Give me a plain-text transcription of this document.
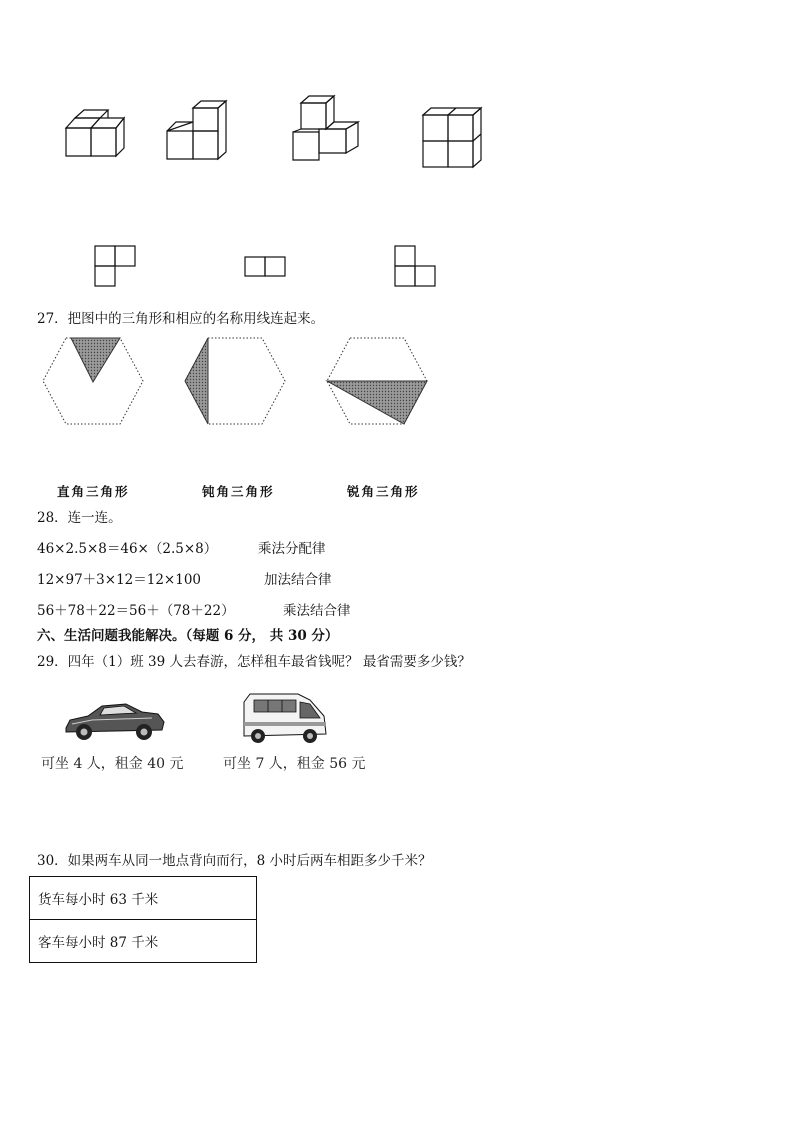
27．把图中的三角形和相应的名称用线连起来。
直角三角形	钝角三角形	锐角三角形
28．连一连。
46×2.5×8＝46×（2.5×8）
12×97＋3×12＝12×100
56＋78＋22＝56＋（78＋22）
乘法分配律
加法结合律
乘法结合律
六、生活问题我能解决。（每题 6 分， 共 30 分）
29．四年（1）班 39 人去春游，怎样租车最省钱呢？ 最省需要多少钱？
可坐 4 人，租金 40 元	可坐 7 人，租金 56 元
30．如果两车从同一地点背向而行，8 小时后两车相距多少千米？
货车每小时 63 千米
客车每小时 87 千米
